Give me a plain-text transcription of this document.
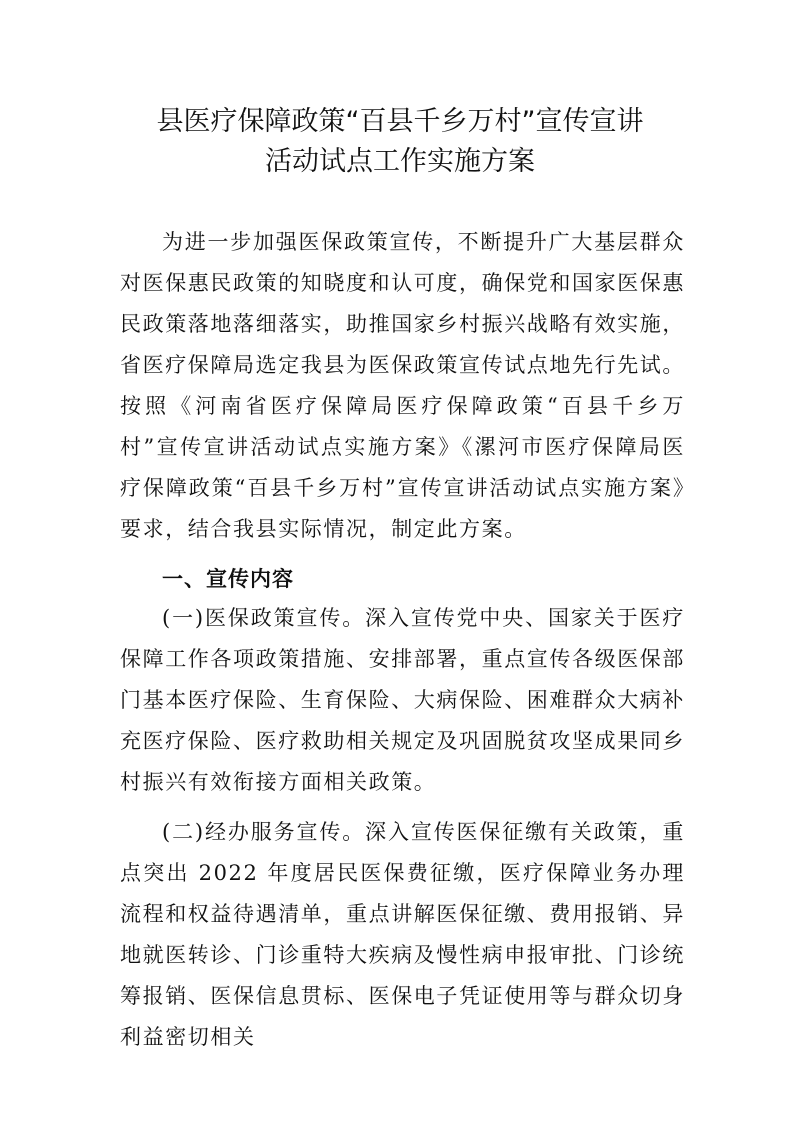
县医疗保障政策“百县千乡万村”宣传宣讲
活动试点工作实施方案

为进一步加强医保政策宣传，不断提升广大基层群众对医保惠民政策的知晓度和认可度，确保党和国家医保惠民政策落地落细落实，助推国家乡村振兴战略有效实施，省医疗保障局选定我县为医保政策宣传试点地先行先试。按照《河南省医疗保障局医疗保障政策“百县千乡万村”宣传宣讲活动试点实施方案》《漯河市医疗保障局医疗保障政策“百县千乡万村”宣传宣讲活动试点实施方案》要求，结合我县实际情况，制定此方案。

一、宣传内容

(一)医保政策宣传。深入宣传党中央、国家关于医疗保障工作各项政策措施、安排部署，重点宣传各级医保部门基本医疗保险、生育保险、大病保险、困难群众大病补充医疗保险、医疗救助相关规定及巩固脱贫攻坚成果同乡村振兴有效衔接方面相关政策。

(二)经办服务宣传。深入宣传医保征缴有关政策，重点突出 2022 年度居民医保费征缴，医疗保障业务办理流程和权益待遇清单，重点讲解医保征缴、费用报销、异地就医转诊、门诊重特大疾病及慢性病申报审批、门诊统筹报销、医保信息贯标、医保电子凭证使用等与群众切身利益密切相关
